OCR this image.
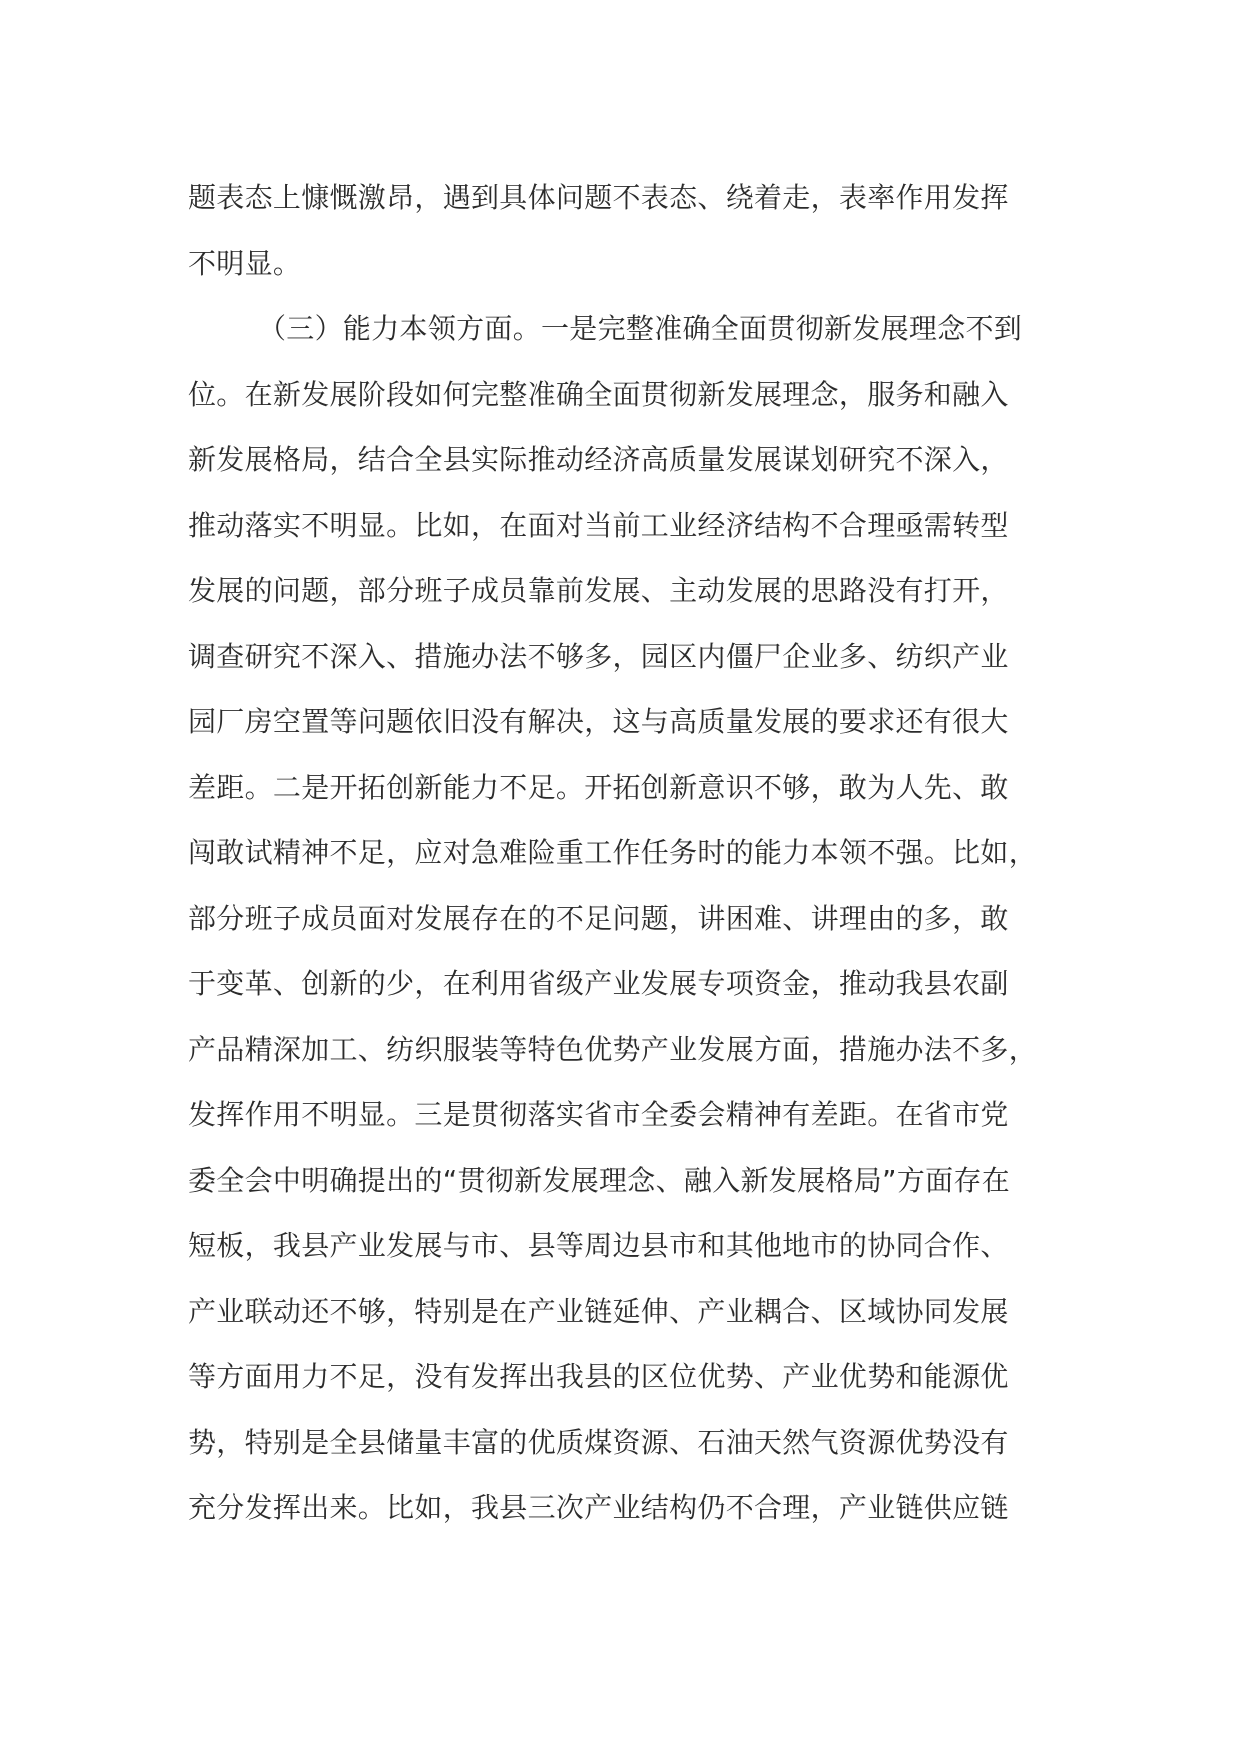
题表态上慷慨激昂，遇到具体问题不表态、绕着走，表率作用发挥
不明显。
（三）能力本领方面。一是完整准确全面贯彻新发展理念不到
位。在新发展阶段如何完整准确全面贯彻新发展理念，服务和融入
新发展格局，结合全县实际推动经济高质量发展谋划研究不深入，
推动落实不明显。比如，在面对当前工业经济结构不合理亟需转型
发展的问题，部分班子成员靠前发展、主动发展的思路没有打开，
调查研究不深入、措施办法不够多，园区内僵尸企业多、纺织产业
园厂房空置等问题依旧没有解决，这与高质量发展的要求还有很大
差距。二是开拓创新能力不足。开拓创新意识不够，敢为人先、敢
闯敢试精神不足，应对急难险重工作任务时的能力本领不强。比如，
部分班子成员面对发展存在的不足问题，讲困难、讲理由的多，敢
于变革、创新的少，在利用省级产业发展专项资金，推动我县农副
产品精深加工、纺织服装等特色优势产业发展方面，措施办法不多，
发挥作用不明显。三是贯彻落实省市全委会精神有差距。在省市党
委全会中明确提出的“贯彻新发展理念、融入新发展格局”方面存在
短板，我县产业发展与市、县等周边县市和其他地市的协同合作、
产业联动还不够，特别是在产业链延伸、产业耦合、区域协同发展
等方面用力不足，没有发挥出我县的区位优势、产业优势和能源优
势，特别是全县储量丰富的优质煤资源、石油天然气资源优势没有
充分发挥出来。比如，我县三次产业结构仍不合理，产业链供应链
